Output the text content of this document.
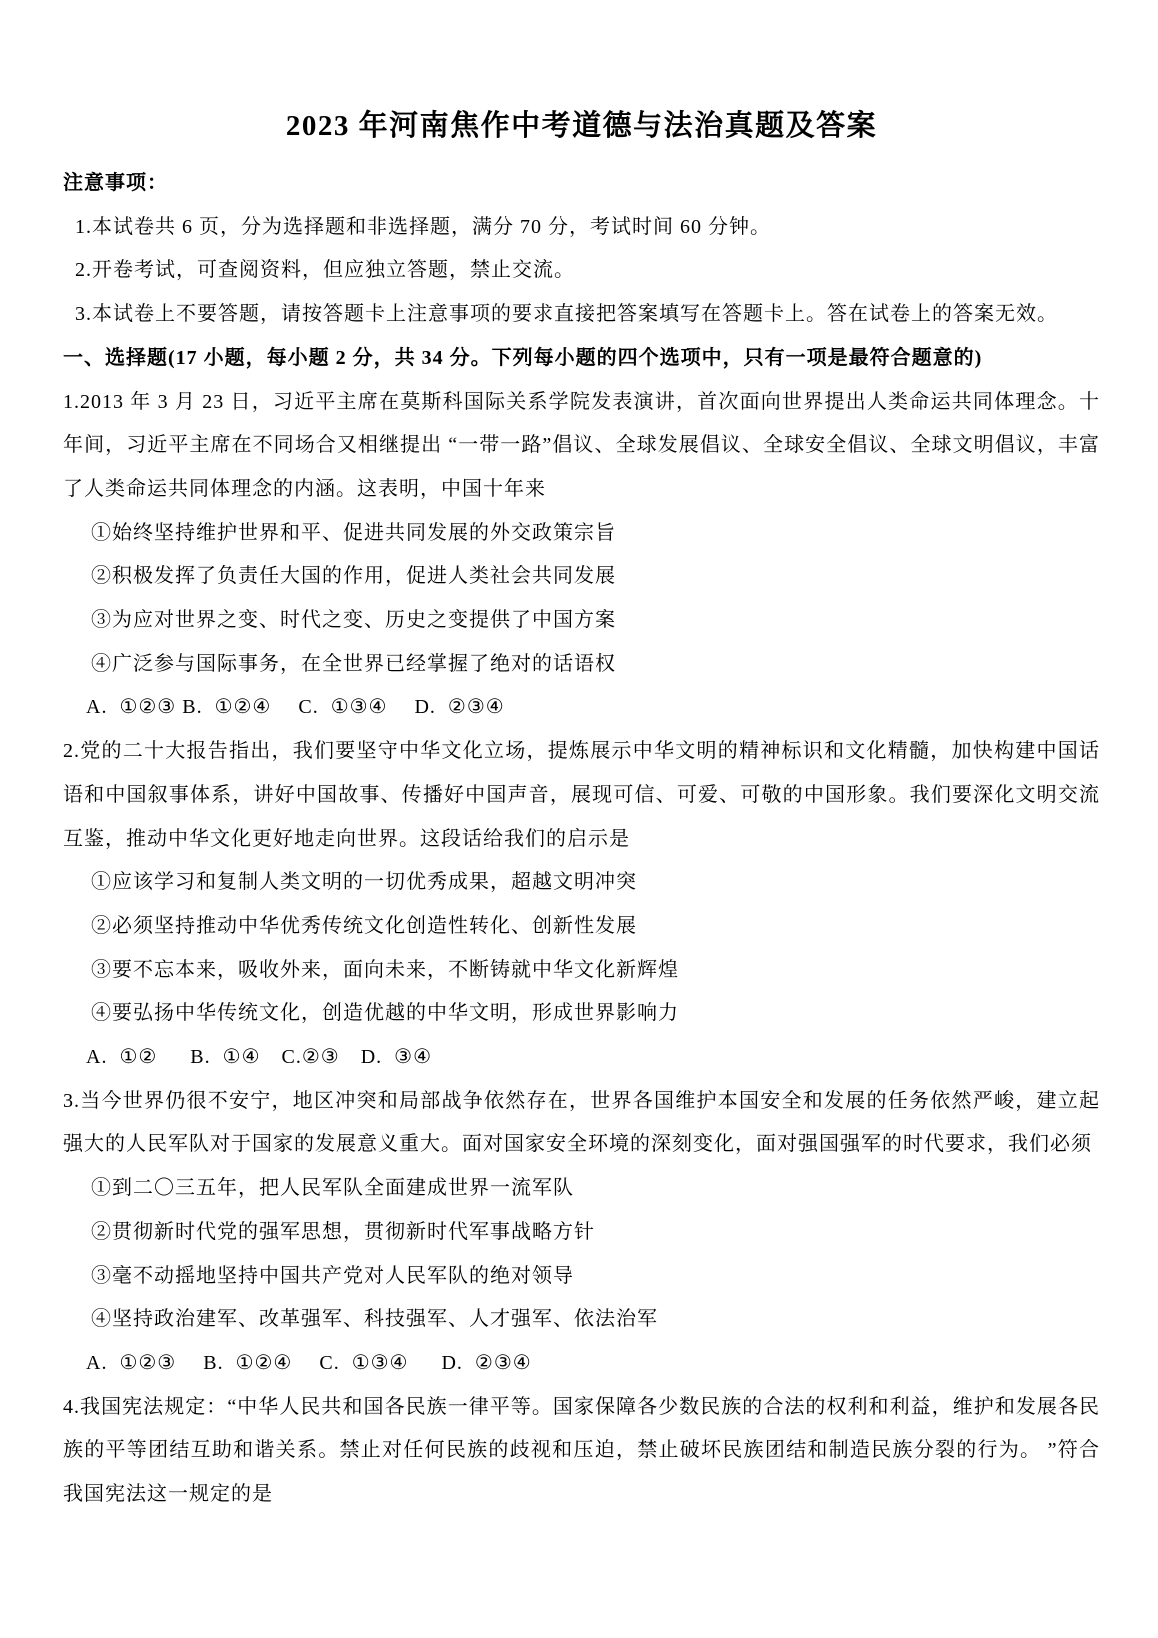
2023 年河南焦作中考道德与法治真题及答案
注意事项：
1.本试卷共 6 页，分为选择题和非选择题，满分 70 分，考试时间 60 分钟。
2.开卷考试，可查阅资料，但应独立答题，禁止交流。
3.本试卷上不要答题，请按答题卡上注意事项的要求直接把答案填写在答题卡上。答在试卷上的答案无效。
一、选择题(17 小题，每小题 2 分，共 34 分。下列每小题的四个选项中，只有一项是最符合题意的)
1.2013 年 3 月 23 日，习近平主席在莫斯科国际关系学院发表演讲，首次面向世界提出人类命运共同体理念。十年间，习近平主席在不同场合又相继提出 “一带一路”倡议、全球发展倡议、全球安全倡议、全球文明倡议，丰富了人类命运共同体理念的内涵。这表明，中国十年来
①始终坚持维护世界和平、促进共同发展的外交政策宗旨
②积极发挥了负责任大国的作用，促进人类社会共同发展
③为应对世界之变、时代之变、历史之变提供了中国方案
④广泛参与国际事务，在全世界已经掌握了绝对的话语权
A.  ①②③ B.  ①②④　 C.  ①③④　 D.  ②③④
2.党的二十大报告指出，我们要坚守中华文化立场，提炼展示中华文明的精神标识和文化精髓，加快构建中国话语和中国叙事体系，讲好中国故事、传播好中国声音，展现可信、可爱、可敬的中国形象。我们要深化文明交流互鉴，推动中华文化更好地走向世界。这段话给我们的启示是
①应该学习和复制人类文明的一切优秀成果，超越文明冲突
②必须坚持推动中华优秀传统文化创造性转化、创新性发展
③要不忘本来，吸收外来，面向未来，不断铸就中华文化新辉煌
④要弘扬中华传统文化，创造优越的中华文明，形成世界影响力
A.  ①②　  B.  ①④　C.②③　D.  ③④
3.当今世界仍很不安宁，地区冲突和局部战争依然存在，世界各国维护本国安全和发展的任务依然严峻，建立起强大的人民军队对于国家的发展意义重大。面对国家安全环境的深刻变化，面对强国强军的时代要求，我们必须
①到二〇三五年，把人民军队全面建成世界一流军队
②贯彻新时代党的强军思想，贯彻新时代军事战略方针
③毫不动摇地坚持中国共产党对人民军队的绝对领导
④坚持政治建军、改革强军、科技强军、人才强军、依法治军
A.  ①②③　 B.  ①②④　 C.  ①③④　  D.  ②③④
4.我国宪法规定：“中华人民共和国各民族一律平等。国家保障各少数民族的合法的权利和利益，维护和发展各民族的平等团结互助和谐关系。禁止对任何民族的歧视和压迫，禁止破坏民族团结和制造民族分裂的行为。 ”符合我国宪法这一规定的是
